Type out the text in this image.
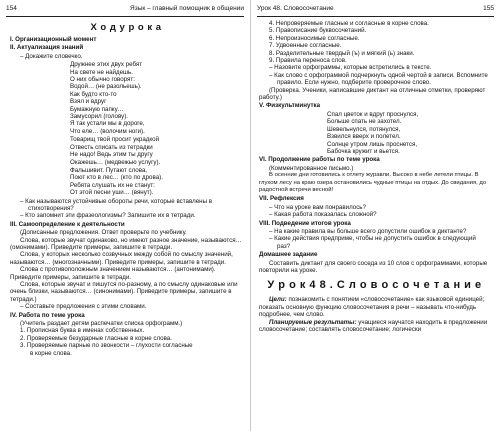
154	Язык – главный помощник в общении
Х о д у р о к а
I. Организационный момент
II. Актуализация знаний

– Докажите словечко.

Дружнее этих двух ребят

На свете не найдешь.

О них обычно говорят:

Водой… (не разольешь).

Как будто кто-то

Взял и вдруг

Бумажную папку…

Замусорил (голову).

Я так устали мы в дороге,

Что еле… (волочим ноги).

Товарищ твой просит украдкой

Отвесть списать из тетрадки

Не надо! Ведь этим ты другу

Окажешь… (медвежью услугу).

Фальшивит. Путают слова,

Поют кто в лес… (кто по дрова).

Ребята слушать их не станут:

От этой песни уши… (вянут).

– Как называются устойчивые обороты речи, которые вставлены в стихотворения?

– Кто запомнит эти фразеологизмы? Запишите их в тетради.

III. Самоопределение к деятельности

(Дописанные предложения. Ответ проверьте по учебнику.

Слова, которые звучат одинаково, но имеют разное значение, называются… (омонимами). Приведите примеры, запишите в тетради.

Слова, у которых несколько созвучных между собой по смыслу значений, называются… (многозначными). Приведите примеры, запишите в тетради.

Слова с противоположным значением называются… (антонимами). Приведите примеры, запишите в тетради.

Слова, которые звучат и пишутся по-разному, а по смыслу одинаковые или очень близки, называются… (синонимами). Приведите примеры, запишите в тетради.)

– Составьте предложения с этими словами.

IV. Работа по теме урока

(Учитель раздает детям распечатки списка орфограмм.)

1. Прописная буква в именах собственных.

2. Проверяемые безударные гласные в корне слова.

3. Проверяемые парные по звонкости – глухости согласные

в корне слова.

Урок 48. Словосочетание	155

4. Непроверяемые гласные и согласные в корне слова.

5. Правописание буквосочетаний.

6. Непроизносимые согласные.

7. Удвоенные согласные.

8. Разделительные твердый (ъ) и мягкий (ь) знаки.

9. Правила переноса слов.

– Назовите орфограммы, которые встретились в тексте.

– Как слово с орфограммой подчеркнуть одной чертой в записи. Вспомните правило. Если нужно, подберите проверочное слово.

(Проверка. Ученики, написавшие диктант на отличные отметки, проверяют работу.)

V. Физкультминутка

Спал цветок и вдруг проснулся,

Больше спать не захотел.

Шевельнулся, потянулся,

Взвился вверх и полетел.

Солнце утром лишь проснется,

Бабочка кружит и вьется.

VI. Продолжение работы по теме урока

(Комментированное письмо.)

В осенние дни готовились к отлету журавли. Высоко в небе летели птицы. В глухом лесу на краю озера остановились чудные птицы на отдых. До свидания, до радостной встречи весной!

VII. Рефлексия

– Что на уроке вам понравилось?

– Какая работа показалась сложной?

VIII. Подведение итогов урока

– На какие правила вы больше всего допустили ошибок в диктанте?

– Какие действия предприме, чтобы не допустить ошибок в следующий раз?

Домашнее задание

Составить диктант для своего соседа из 10 слов с орфограммами, которые повторили на уроке.

У р о к 4 8 . С л о в о с о ч е т а н и е

Цели: познакомить с понятием «словосочетание» как языковой единицей; показать основную функцию словосочетания в речи – называть что-нибудь подробнее, чем слово.

Планируемые результаты: учащиеся научатся находить в предложении словосочетание; составлять словосочетание; логически
